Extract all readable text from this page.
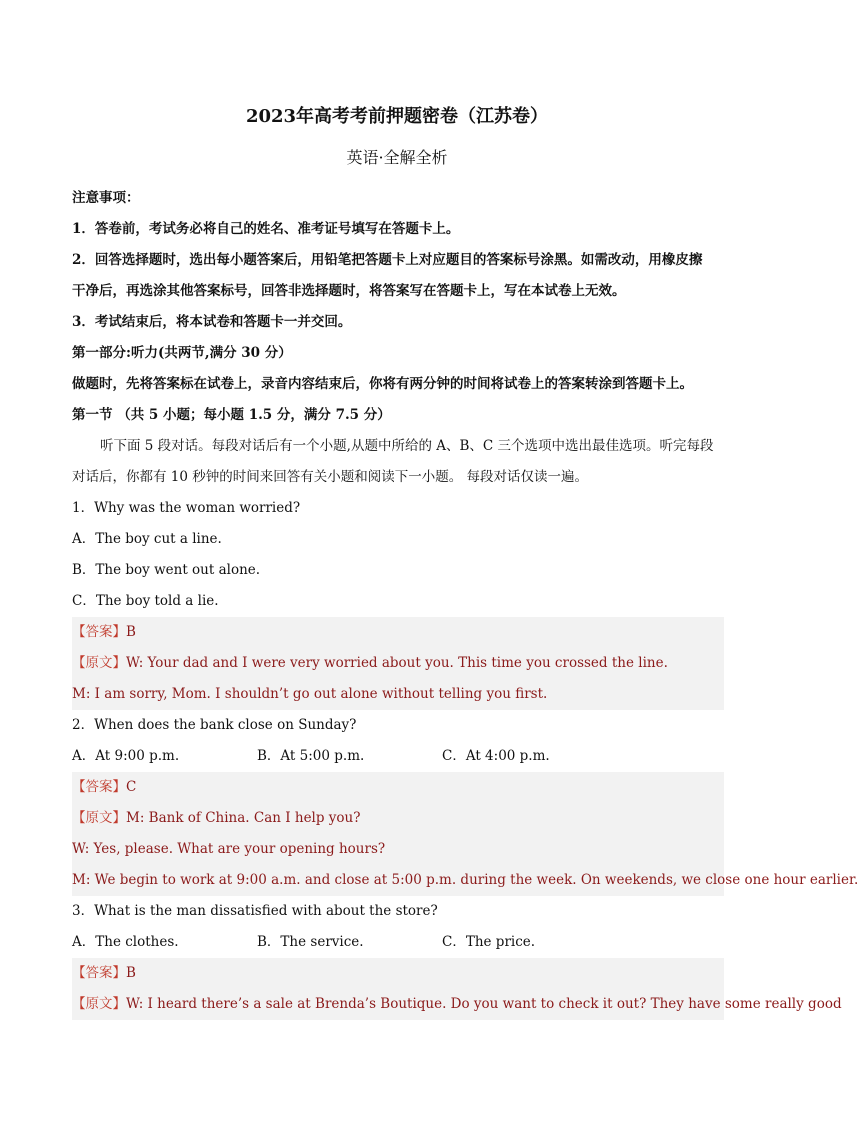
2023年高考考前押题密卷（江苏卷）
英语·全解全析
注意事项：
1．答卷前，考试务必将自己的姓名、准考证号填写在答题卡上。
2．回答选择题时，选出每小题答案后，用铅笔把答题卡上对应题目的答案标号涂黑。如需改动，用橡皮擦
干净后，再选涂其他答案标号，回答非选择题时，将答案写在答题卡上，写在本试卷上无效。
3．考试结束后，将本试卷和答题卡一并交回。
第一部分:听力(共两节,满分 30 分）
做题时，先将答案标在试卷上，录音内容结束后，你将有两分钟的时间将试卷上的答案转涂到答题卡上。
第一节 （共 5 小题；每小题 1.5 分，满分 7.5 分）
听下面 5 段对话。每段对话后有一个小题,从题中所给的 A、B、C 三个选项中选出最佳选项。听完每段
对话后，你都有 10 秒钟的时间来回答有关小题和阅读下一小题。 每段对话仅读一遍。
1．Why was the woman worried?
A．The boy cut a line.
B．The boy went out alone.
C．The boy told a lie.
【答案】B
【原文】W: Your dad and I were very worried about you. This time you crossed the line.
M: I am sorry, Mom. I shouldn’t go out alone without telling you first.
2．When does the bank close on Sunday?
A．At 9:00 p.m.	B．At 5:00 p.m.	C．At 4:00 p.m.
【答案】C
【原文】M: Bank of China. Can I help you?
W: Yes, please. What are your opening hours?
M: We begin to work at 9:00 a.m. and close at 5:00 p.m. during the week. On weekends, we close one hour earlier.
3．What is the man dissatisfied with about the store?
A．The clothes.	B．The service.	C．The price.
【答案】B
【原文】W: I heard there’s a sale at Brenda’s Boutique. Do you want to check it out? They have some really good
